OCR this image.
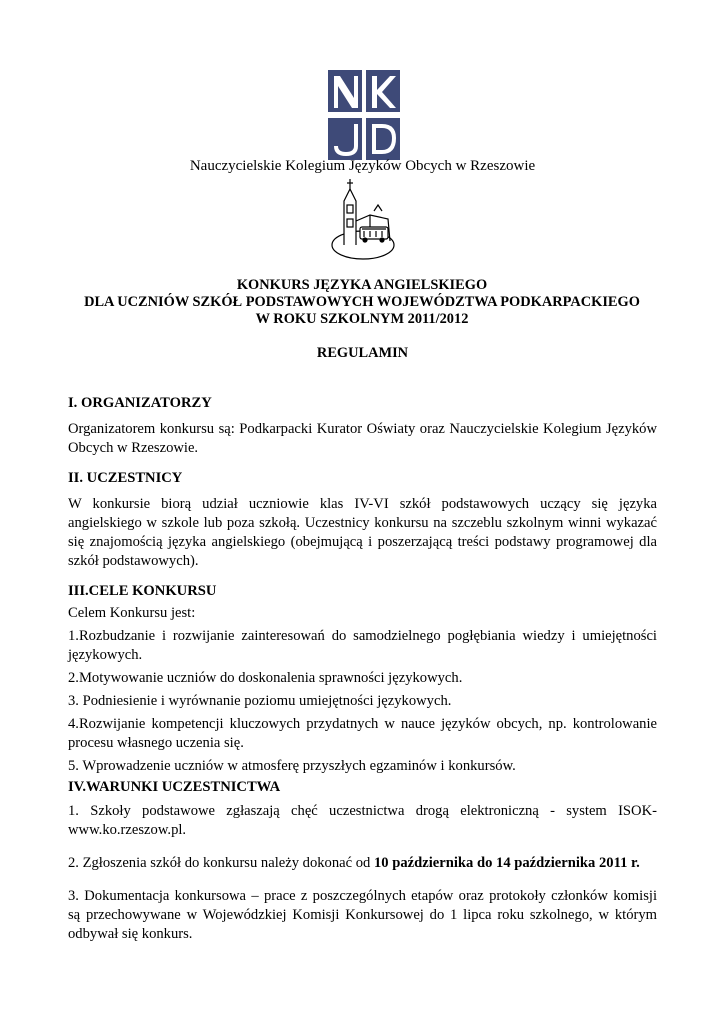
Nauczycielskie Kolegium Języków Obcych w Rzeszowie
KONKURS JĘZYKA ANGIELSKIEGO
DLA UCZNIÓW SZKÓŁ PODSTAWOWYCH WOJEWÓDZTWA PODKARPACKIEGO
W ROKU SZKOLNYM 2011/2012
REGULAMIN

I. ORGANIZATORZY

Organizatorem konkursu są: Podkarpacki Kurator Oświaty oraz Nauczycielskie Kolegium Języków

Obcych w Rzeszowie.

II. UCZESTNICY

W konkursie biorą udział uczniowie klas IV-VI szkół podstawowych uczący się języka

angielskiego w szkole lub poza szkołą. Uczestnicy konkursu na szczeblu szkolnym winni wykazać

się znajomością języka angielskiego (obejmującą i poszerzającą treści podstawy programowej dla

szkół podstawowych).

III.CELE KONKURSU

Celem Konkursu jest:

1.Rozbudzanie i rozwijanie zainteresowań do samodzielnego pogłębiania wiedzy i umiejętności

językowych.

2.Motywowanie uczniów do doskonalenia sprawności językowych.

3. Podniesienie i wyrównanie poziomu umiejętności językowych.

4.Rozwijanie kompetencji kluczowych przydatnych w nauce języków obcych, np. kontrolowanie

procesu własnego uczenia się.

5. Wprowadzenie uczniów w atmosferę przyszłych egzaminów i konkursów.

IV.WARUNKI UCZESTNICTWA

1. Szkoły podstawowe zgłaszają chęć uczestnictwa drogą elektroniczną - system ISOK-

www.ko.rzeszow.pl.

2. Zgłoszenia szkół do konkursu należy dokonać od 10 października do 14 października 2011 r.

3. Dokumentacja konkursowa – prace z poszczególnych etapów oraz protokoły członków komisji

są przechowywane w Wojewódzkiej Komisji Konkursowej do 1 lipca roku szkolnego, w którym

odbywał się konkurs.
